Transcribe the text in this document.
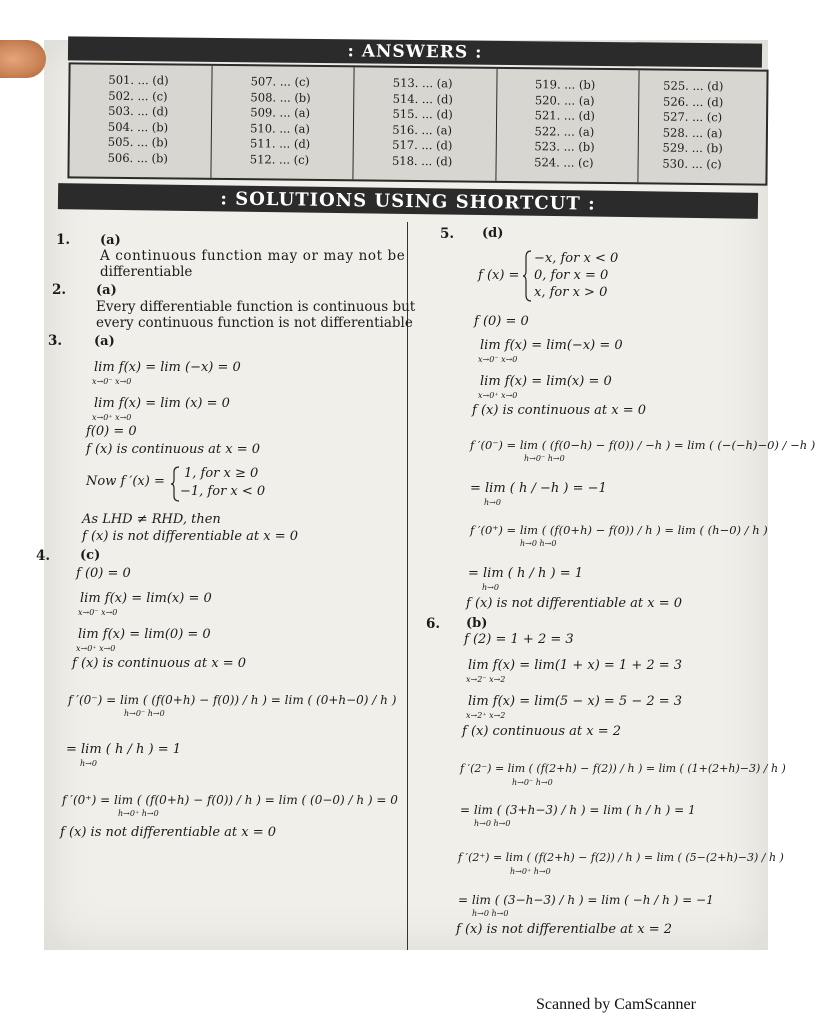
: ANSWERS :
501. ... (d)
502. ... (c)
503. ... (d)
504. ... (b)
505. ... (b)
506. ... (b)
507. ... (c)
508. ... (b)
509. ... (a)
510. ... (a)
511. ... (d)
512. ... (c)
513. ... (a)
514. ... (d)
515. ... (d)
516. ... (a)
517. ... (d)
518. ... (d)
519. ... (b)
520. ... (a)
521. ... (d)
522. ... (a)
523. ... (b)
524. ... (c)
525. ... (d)
526. ... (d)
527. ... (c)
528. ... (a)
529. ... (b)
530. ... (c)
: SOLUTIONS USING SHORTCUT :
1. (a)
A continuous function may or may not be
differentiable
2. (a)
Every differentiable function is continuous but
every continuous function is not differentiable
3. (a)
lim f(x) = lim (−x) = 0
x→0⁻ x→0
lim f(x) = lim (x) = 0
x→0⁺ x→0
f(0) = 0
f (x) is continuous at x = 0
Now f ′(x) =
1, for x ≥ 0
−1, for x < 0
As LHD ≠ RHD, then
f (x) is not differentiable at x = 0
4. (c)
f (0) = 0
lim f(x) = lim(x) = 0
x→0⁻ x→0
lim f(x) = lim(0) = 0
x→0⁺ x→0
f (x) is continuous at x = 0
f ′(0⁻) = lim ( (f(0+h) − f(0)) / h ) = lim ( (0+h−0) / h )
h→0⁻ h→0
= lim ( h / h ) = 1
h→0
f ′(0⁺) = lim ( (f(0+h) − f(0)) / h ) = lim ( (0−0) / h ) = 0
h→0⁺ h→0
f (x) is not differentiable at x = 0
5. (d)
f (x) =
−x, for x < 0
0, for x = 0
x, for x > 0
f (0) = 0
lim f(x) = lim(−x) = 0
x→0⁻ x→0
lim f(x) = lim(x) = 0
x→0⁺ x→0
f (x) is continuous at x = 0
f ′(0⁻) = lim ( (f(0−h) − f(0)) / −h ) = lim ( (−(−h)−0) / −h )
h→0⁻ h→0
= lim ( h / −h ) = −1
h→0
f ′(0⁺) = lim ( (f(0+h) − f(0)) / h ) = lim ( (h−0) / h )
h→0 h→0
= lim ( h / h ) = 1
h→0
f (x) is not differentiable at x = 0
6. (b)
f (2) = 1 + 2 = 3
lim f(x) = lim(1 + x) = 1 + 2 = 3
x→2⁻ x→2
lim f(x) = lim(5 − x) = 5 − 2 = 3
x→2⁺ x→2
f (x) continuous at x = 2
f ′(2⁻) = lim ( (f(2+h) − f(2)) / h ) = lim ( (1+(2+h)−3) / h )
h→0⁻ h→0
= lim ( (3+h−3) / h ) = lim ( h / h ) = 1
h→0 h→0
f ′(2⁺) = lim ( (f(2+h) − f(2)) / h ) = lim ( (5−(2+h)−3) / h )
h→0⁺ h→0
= lim ( (3−h−3) / h ) = lim ( −h / h ) = −1
h→0 h→0
f (x) is not differentialbe at x = 2
Scanned by CamScanner
